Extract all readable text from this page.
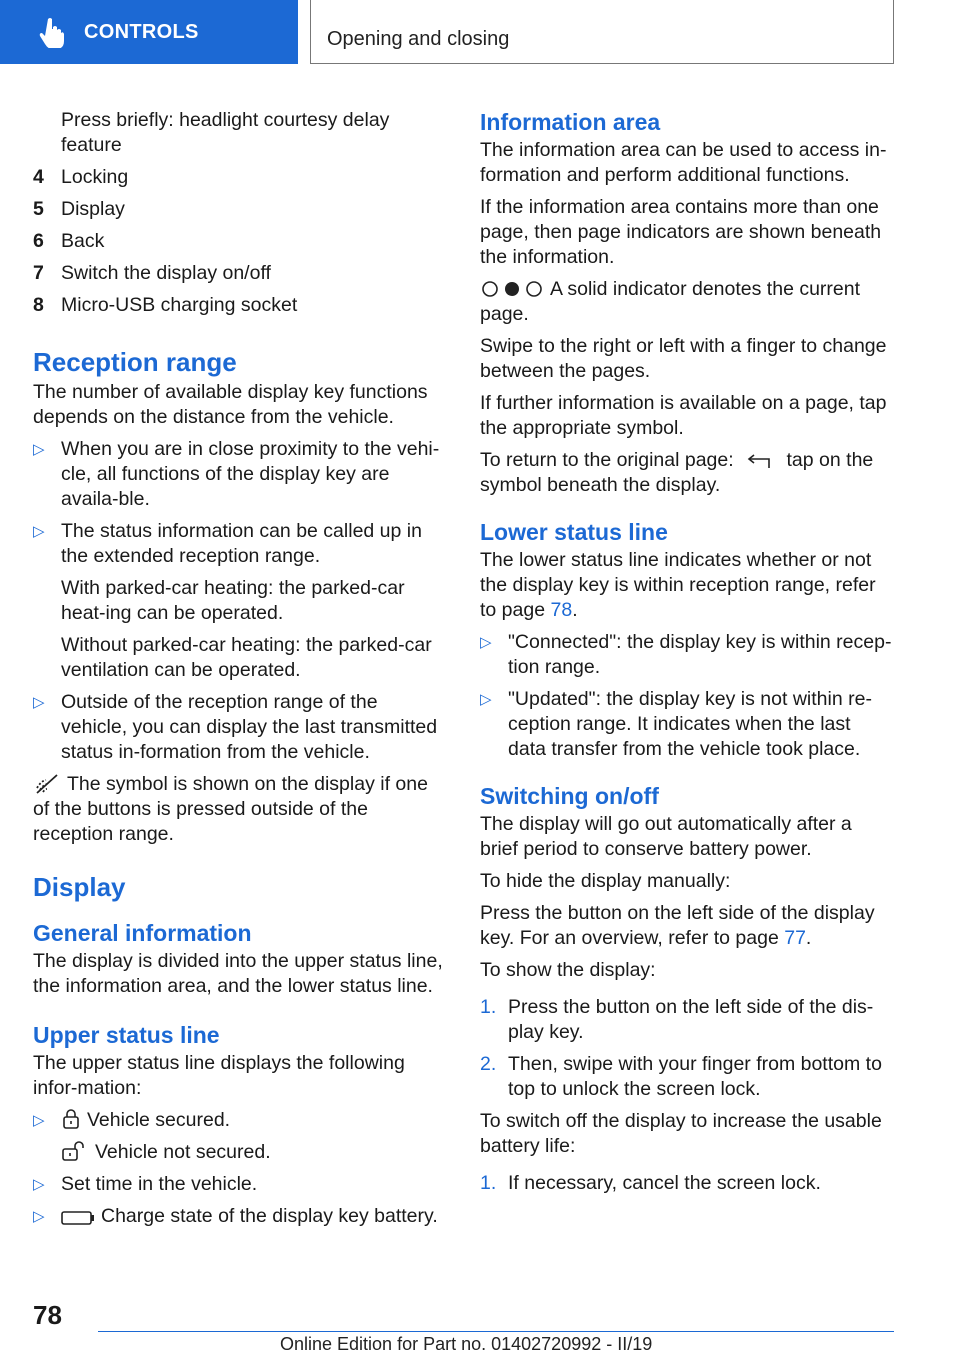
CONTROLS	Opening and closing

Press briefly: headlight courtesy delay feature

4 Locking
5 Display
6 Back
7 Switch the display on/off
8 Micro-USB charging socket
Reception range

The number of available display key functions depends on the distance from the vehicle.

▷ When you are in close proximity to the vehi‐cle, all functions of the display key are availa‐ble.

▷ The status information can be called up in the extended reception range.

With parked-car heating: the parked-car heat‐ing can be operated.

Without parked-car heating: the parked-car ventilation can be operated.

▷ Outside of the reception range of the vehicle, you can display the last transmitted status in‐formation from the vehicle.

The symbol is shown on the display if one of the buttons is pressed outside of the reception range.

Display
General information

The display is divided into the upper status line, the information area, and the lower status line.

Upper status line

The upper status line displays the following infor‐mation:

▷	Vehicle secured.

Vehicle not secured.

▷ Set time in the vehicle.

▷	Charge state of the display key battery.

Information area

The information area can be used to access in‐formation and perform additional functions.

If the information area contains more than one page, then page indicators are shown beneath the information.

A solid indicator denotes the current page.

Swipe to the right or left with a finger to change between the pages.

If further information is available on a page, tap the appropriate symbol.

To return to the original page:	tap on the symbol beneath the display.

Lower status line

The lower status line indicates whether or not the display key is within reception range, refer to page 78.

▷ "Connected": the display key is within recep‐tion range.

▷ "Updated": the display key is not within re‐ception range. It indicates when the last data transfer from the vehicle took place.

Switching on/off

The display will go out automatically after a brief period to conserve battery power.

To hide the display manually:

Press the button on the left side of the display key. For an overview, refer to page 77.

To show the display:

1. Press the button on the left side of the dis‐play key.
2. Then, swipe with your finger from bottom to top to unlock the screen lock.

To switch off the display to increase the usable battery life:

1. If necessary, cancel the screen lock.
78
Online Edition for Part no. 01402720992 - II/19
